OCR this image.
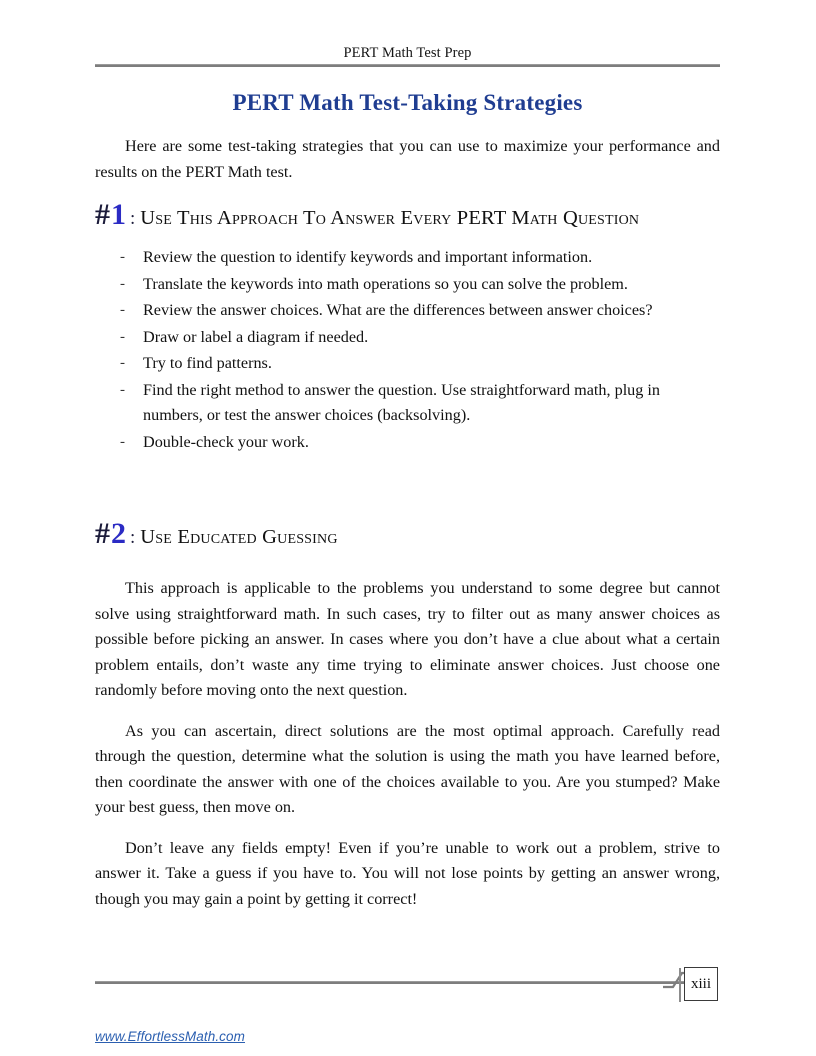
PERT Math Test Prep
PERT Math Test-Taking Strategies

Here are some test-taking strategies that you can use to maximize your performance and results on the PERT Math test.

# 1 : Use This Approach To Answer Every PERT Math Question
- Review the question to identify keywords and important information.
- Translate the keywords into math operations so you can solve the problem.
- Review the answer choices. What are the differences between answer choices?
- Draw or label a diagram if needed.
- Try to find patterns.
- Find the right method to answer the question. Use straightforward math, plug in numbers, or test the answer choices (backsolving).
- Double-check your work.
# 2 : Use Educated Guessing

This approach is applicable to the problems you understand to some degree but cannot solve using straightforward math. In such cases, try to filter out as many answer choices as possible before picking an answer. In cases where you don’t have a clue about what a certain problem entails, don’t waste any time trying to eliminate answer choices. Just choose one randomly before moving onto the next question.

As you can ascertain, direct solutions are the most optimal approach. Carefully read through the question, determine what the solution is using the math you have learned before, then coordinate the answer with one of the choices available to you. Are you stumped? Make your best guess, then move on.

Don’t leave any fields empty! Even if you’re unable to work out a problem, strive to answer it. Take a guess if you have to. You will not lose points by getting an answer wrong, though you may gain a point by getting it correct!

xiii
www.EffortlessMath.com
